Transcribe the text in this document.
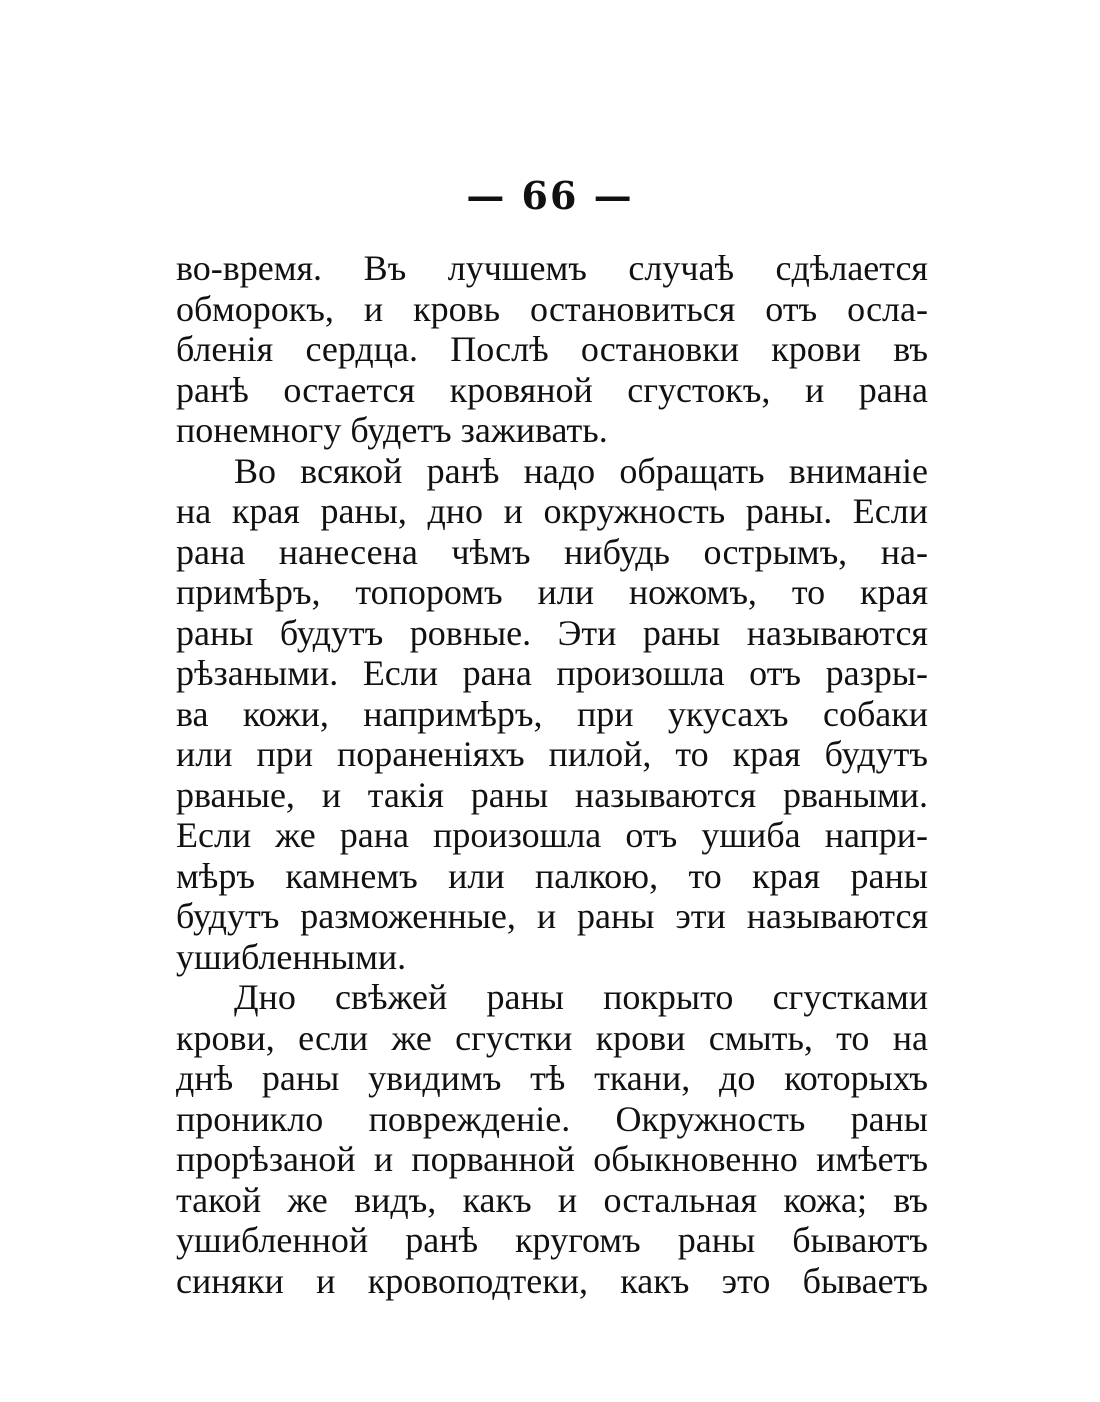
— 66 —
во-время. Въ лучшемъ случаѣ сдѣлается
обморокъ, и кровь остановиться отъ осла-
бленія сердца. Послѣ остановки крови въ
ранѣ остается кровяной сгустокъ, и рана
понемногу будетъ заживать.
Во всякой ранѣ надо обращать вниманіе
на края раны, дно и окружность раны. Если
рана нанесена чѣмъ нибудь острымъ, на-
примѣръ, топоромъ или ножомъ, то края
раны будутъ ровные. Эти раны называются
рѣзаными. Если рана произошла отъ разры-
ва кожи, напримѣръ, при укусахъ собаки
или при пораненіяхъ пилой, то края будутъ
рваные, и такія раны называются рваными.
Если же рана произошла отъ ушиба напри-
мѣръ камнемъ или палкою, то края раны
будутъ разможенные, и раны эти называются
ушибленными.
Дно свѣжей раны покрыто сгустками
крови, если же сгустки крови смыть, то на
днѣ раны увидимъ тѣ ткани, до которыхъ
проникло поврежденіе. Окружность раны
прорѣзаной и порванной обыкновенно имѣетъ
такой же видъ, какъ и остальная кожа; въ
ушибленной ранѣ кругомъ раны бываютъ
синяки и кровоподтеки, какъ это бываетъ
